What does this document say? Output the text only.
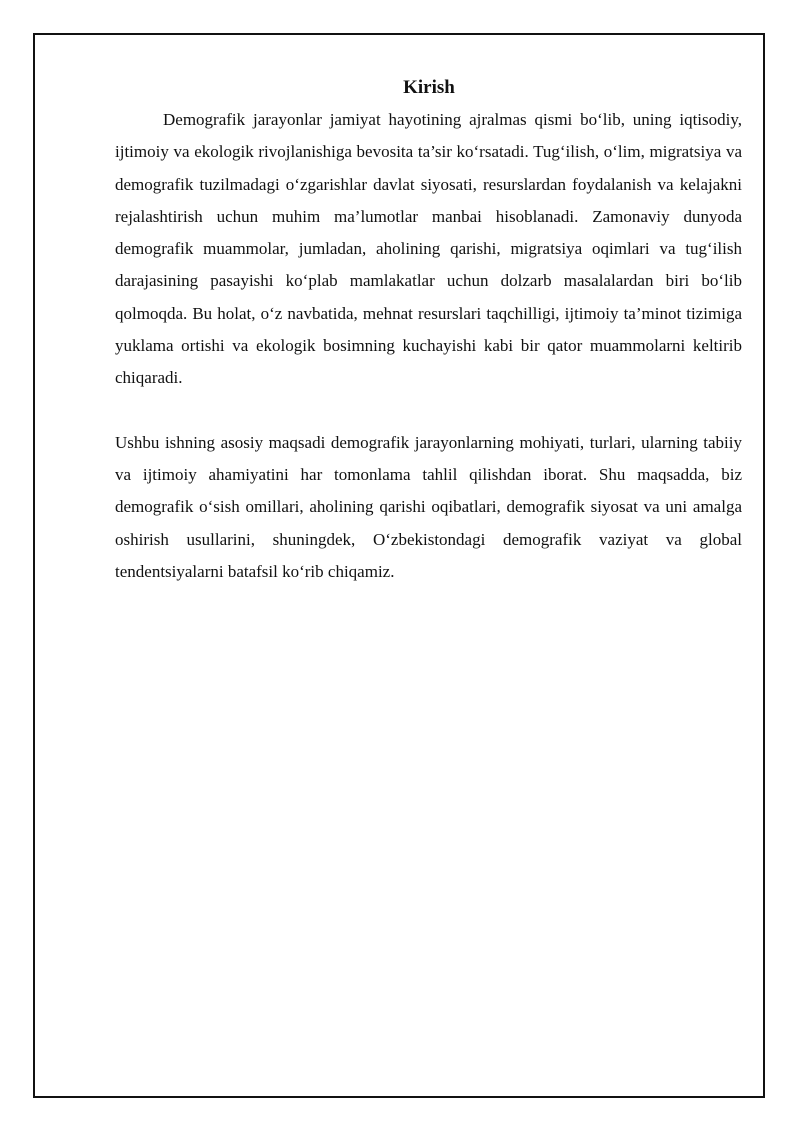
Kirish

Demografik jarayonlar jamiyat hayotining ajralmas qismi bo‘lib, uning iqtisodiy, ijtimoiy va ekologik rivojlanishiga bevosita ta’sir ko‘rsatadi. Tug‘ilish, o‘lim, migratsiya va demografik tuzilmadagi o‘zgarishlar davlat siyosati, resurslardan foydalanish va kelajakni rejalashtirish uchun muhim ma’lumotlar manbai hisoblanadi. Zamonaviy dunyoda demografik muammolar, jumladan, aholining qarishi, migratsiya oqimlari va tug‘ilish darajasining pasayishi ko‘plab mamlakatlar uchun dolzarb masalalardan biri bo‘lib qolmoqda. Bu holat, o‘z navbatida, mehnat resurslari taqchilligi, ijtimoiy ta’minot tizimiga yuklama ortishi va ekologik bosimning kuchayishi kabi bir qator muammolarni keltirib chiqaradi.

Ushbu ishning asosiy maqsadi demografik jarayonlarning mohiyati, turlari, ularning tabiiy va ijtimoiy ahamiyatini har tomonlama tahlil qilishdan iborat. Shu maqsadda, biz demografik o‘sish omillari, aholining qarishi oqibatlari, demografik siyosat va uni amalga oshirish usullarini, shuningdek, O‘zbekistondagi demografik vaziyat va global tendentsiyalarni batafsil ko‘rib chiqamiz.
